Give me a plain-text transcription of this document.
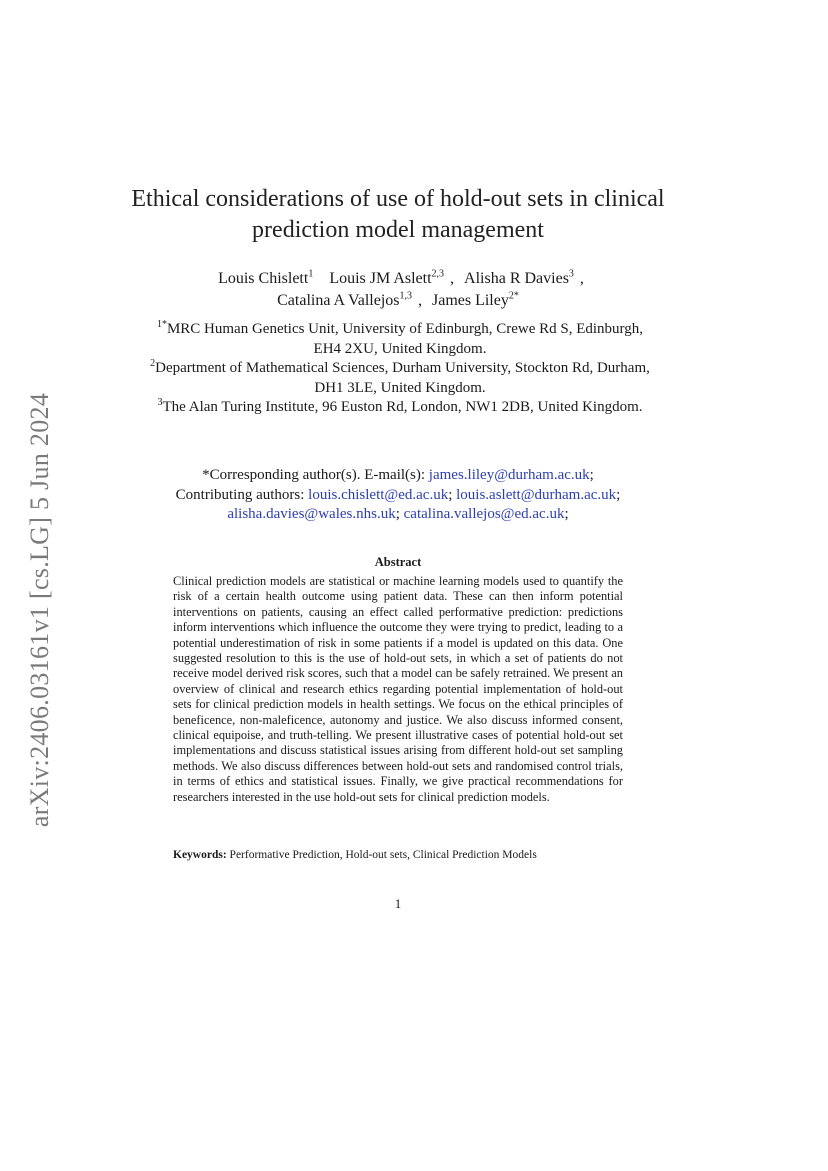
arXiv:2406.03161v1 [cs.LG] 5 Jun 2024
Ethical considerations of use of hold-out sets in clinical prediction model management
Louis Chislett$^1$ Louis JM Aslett$^{2,3}$ , Alisha R Davies$^3$ ,
Catalina A Vallejos$^{1,3}$ , James Liley$^{2*}$

$^{1*}$MRC Human Genetics Unit, University of Edinburgh, Crewe Rd S, Edinburgh, EH4 2XU, United Kingdom.

$^2$Department of Mathematical Sciences, Durham University, Stockton Rd, Durham, DH1 3LE, United Kingdom.

$^3$The Alan Turing Institute, 96 Euston Rd, London, NW1 2DB, United Kingdom.

*Corresponding author(s). E-mail(s): james.liley@durham.ac.uk;
Contributing authors: louis.chislett@ed.ac.uk; louis.aslett@durham.ac.uk;
alisha.davies@wales.nhs.uk; catalina.vallejos@ed.ac.uk;
Abstract
Clinical prediction models are statistical or machine learning models used to quantify the risk of a certain health outcome using patient data. These can then inform potential interventions on patients, causing an effect called performative prediction: predictions inform interventions which influence the outcome they were trying to predict, leading to a potential underestimation of risk in some patients if a model is updated on this data. One suggested resolution to this is the use of hold-out sets, in which a set of patients do not receive model derived risk scores, such that a model can be safely retrained. We present an overview of clinical and research ethics regarding potential implementation of hold-out sets for clinical prediction models in health settings. We focus on the ethical principles of beneficence, non-maleficence, autonomy and justice. We also discuss informed consent, clinical equipoise, and truth-telling. We present illustrative cases of potential hold-out set implementations and discuss statistical issues arising from different hold-out set sampling methods. We also discuss differences between hold-out sets and randomised control trials, in terms of ethics and statistical issues. Finally, we give practical recommendations for researchers interested in the use hold-out sets for clinical prediction models.
Keywords: Performative Prediction, Hold-out sets, Clinical Prediction Models
1
